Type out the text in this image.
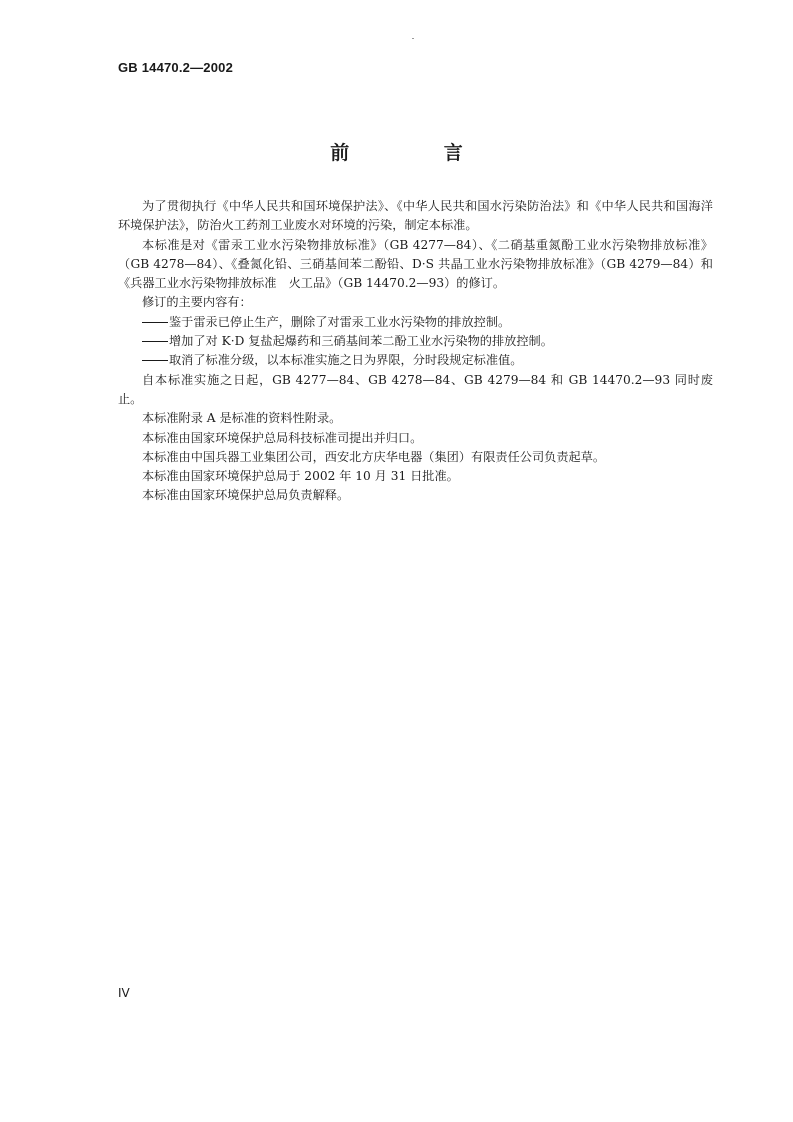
GB 14470.2—2002
前 言

为了贯彻执行《中华人民共和国环境保护法》、《中华人民共和国水污染防治法》和《中华人民共和国海洋环境保护法》，防治火工药剂工业废水对环境的污染，制定本标准。

本标准是对《雷汞工业水污染物排放标准》（GB 4277—84）、《二硝基重氮酚工业水污染物排放标准》（GB 4278—84）、《叠氮化铅、三硝基间苯二酚铅、D·S 共晶工业水污染物排放标准》（GB 4279—84）和《兵器工业水污染物排放标准　火工品》（GB 14470.2—93）的修订。

修订的主要内容有：

鉴于雷汞已停止生产，删除了对雷汞工业水污染物的排放控制。

增加了对 K·D 复盐起爆药和三硝基间苯二酚工业水污染物的排放控制。

取消了标准分级，以本标准实施之日为界限，分时段规定标准值。

自本标准实施之日起，GB 4277—84、GB 4278—84、GB 4279—84 和 GB 14470.2—93 同时废止。

本标准附录 A 是标准的资料性附录。

本标准由国家环境保护总局科技标准司提出并归口。

本标准由中国兵器工业集团公司，西安北方庆华电器（集团）有限责任公司负责起草。

本标准由国家环境保护总局于 2002 年 10 月 31 日批准。

本标准由国家环境保护总局负责解释。

IV
